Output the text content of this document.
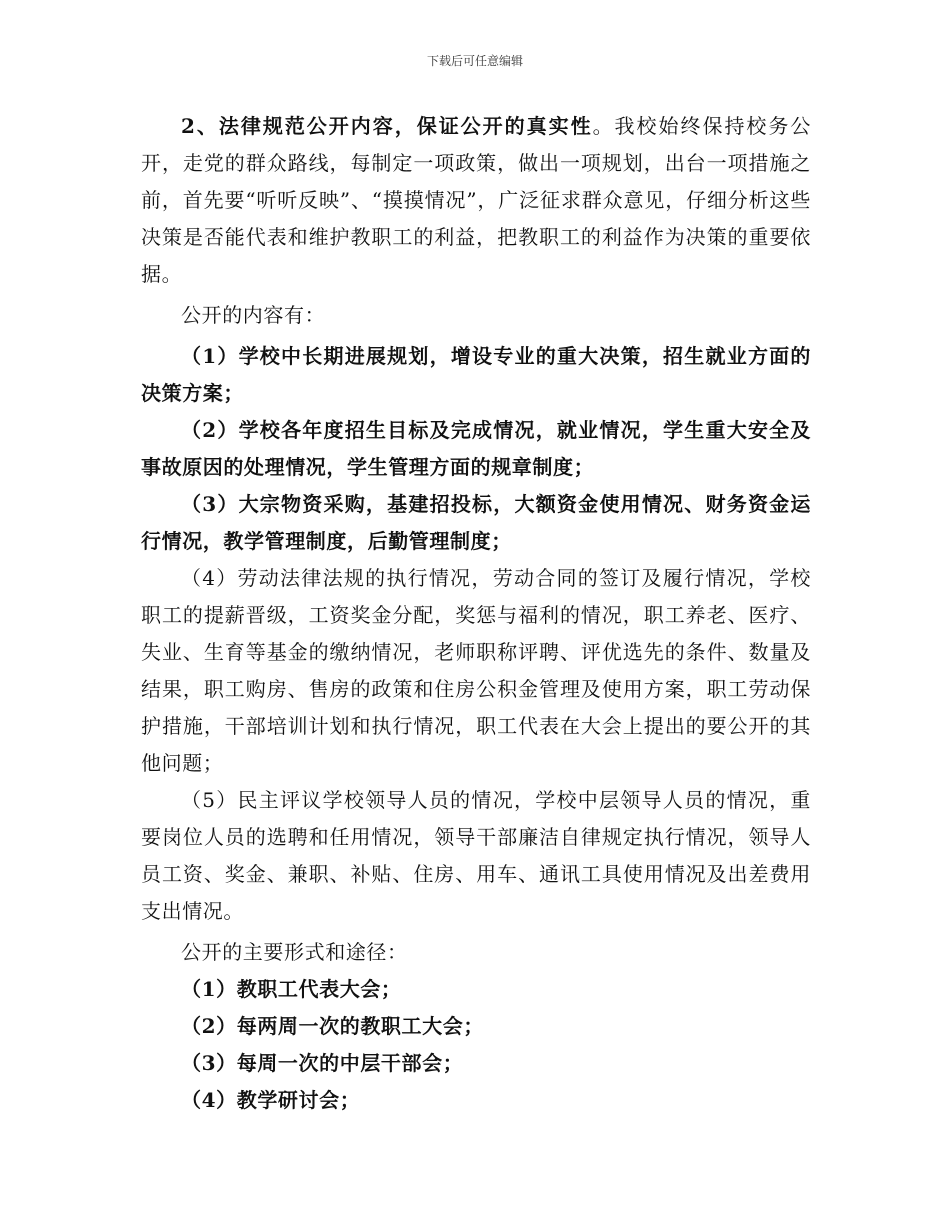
下载后可任意编辑

2、法律规范公开内容，保证公开的真实性。我校始终保持校务公开，走党的群众路线，每制定一项政策，做出一项规划，出台一项措施之前，首先要“听听反映”、“摸摸情况”，广泛征求群众意见，仔细分析这些决策是否能代表和维护教职工的利益，把教职工的利益作为决策的重要依据。

公开的内容有：

（1）学校中长期进展规划，增设专业的重大决策，招生就业方面的决策方案；

（2）学校各年度招生目标及完成情况，就业情况，学生重大安全及事故原因的处理情况，学生管理方面的规章制度；

（3）大宗物资采购，基建招投标，大额资金使用情况、财务资金运行情况，教学管理制度，后勤管理制度；

（4）劳动法律法规的执行情况，劳动合同的签订及履行情况，学校职工的提薪晋级，工资奖金分配，奖惩与福利的情况，职工养老、医疗、失业、生育等基金的缴纳情况，老师职称评聘、评优选先的条件、数量及结果，职工购房、售房的政策和住房公积金管理及使用方案，职工劳动保护措施，干部培训计划和执行情况，职工代表在大会上提出的要公开的其他问题；

（5）民主评议学校领导人员的情况，学校中层领导人员的情况，重要岗位人员的选聘和任用情况，领导干部廉洁自律规定执行情况，领导人员工资、奖金、兼职、补贴、住房、用车、通讯工具使用情况及出差费用支出情况。

公开的主要形式和途径：

（1）教职工代表大会；

（2）每两周一次的教职工大会；

（3）每周一次的中层干部会；

（4）教学研讨会；
